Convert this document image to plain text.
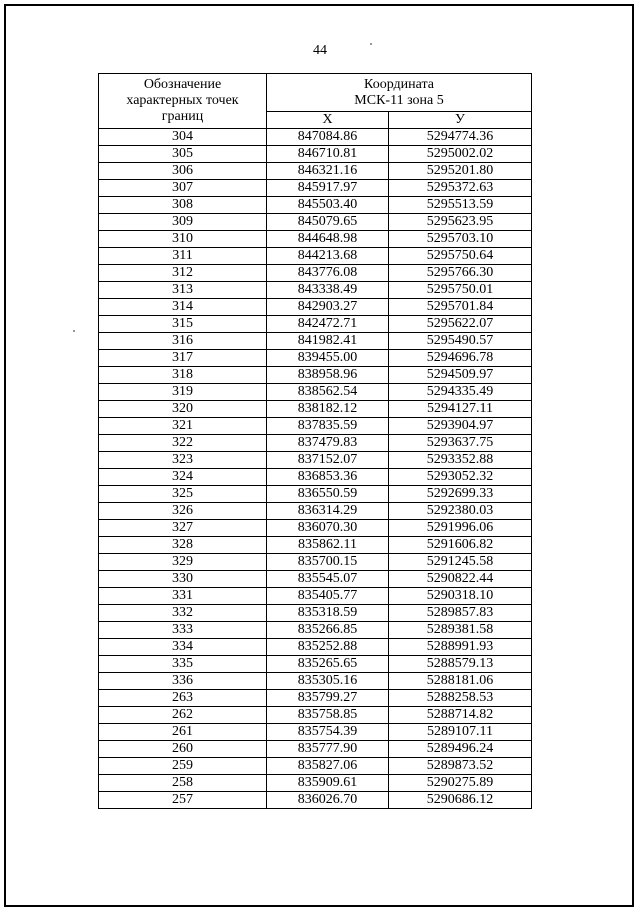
44
Обозначение
характерных точек
границ	Координата
МСК-11 зона 5	

	X	У
304	847084.86	5294774.36
305	846710.81	5295002.02
306	846321.16	5295201.80
307	845917.97	5295372.63
308	845503.40	5295513.59
309	845079.65	5295623.95
310	844648.98	5295703.10
311	844213.68	5295750.64
312	843776.08	5295766.30
313	843338.49	5295750.01
314	842903.27	5295701.84
315	842472.71	5295622.07
316	841982.41	5295490.57
317	839455.00	5294696.78
318	838958.96	5294509.97
319	838562.54	5294335.49
320	838182.12	5294127.11
321	837835.59	5293904.97
322	837479.83	5293637.75
323	837152.07	5293352.88
324	836853.36	5293052.32
325	836550.59	5292699.33
326	836314.29	5292380.03
327	836070.30	5291996.06
328	835862.11	5291606.82
329	835700.15	5291245.58
330	835545.07	5290822.44
331	835405.77	5290318.10
332	835318.59	5289857.83
333	835266.85	5289381.58
334	835252.88	5288991.93
335	835265.65	5288579.13
336	835305.16	5288181.06
263	835799.27	5288258.53
262	835758.85	5288714.82
261	835754.39	5289107.11
260	835777.90	5289496.24
259	835827.06	5289873.52
258	835909.61	5290275.89
257	836026.70	5290686.12
